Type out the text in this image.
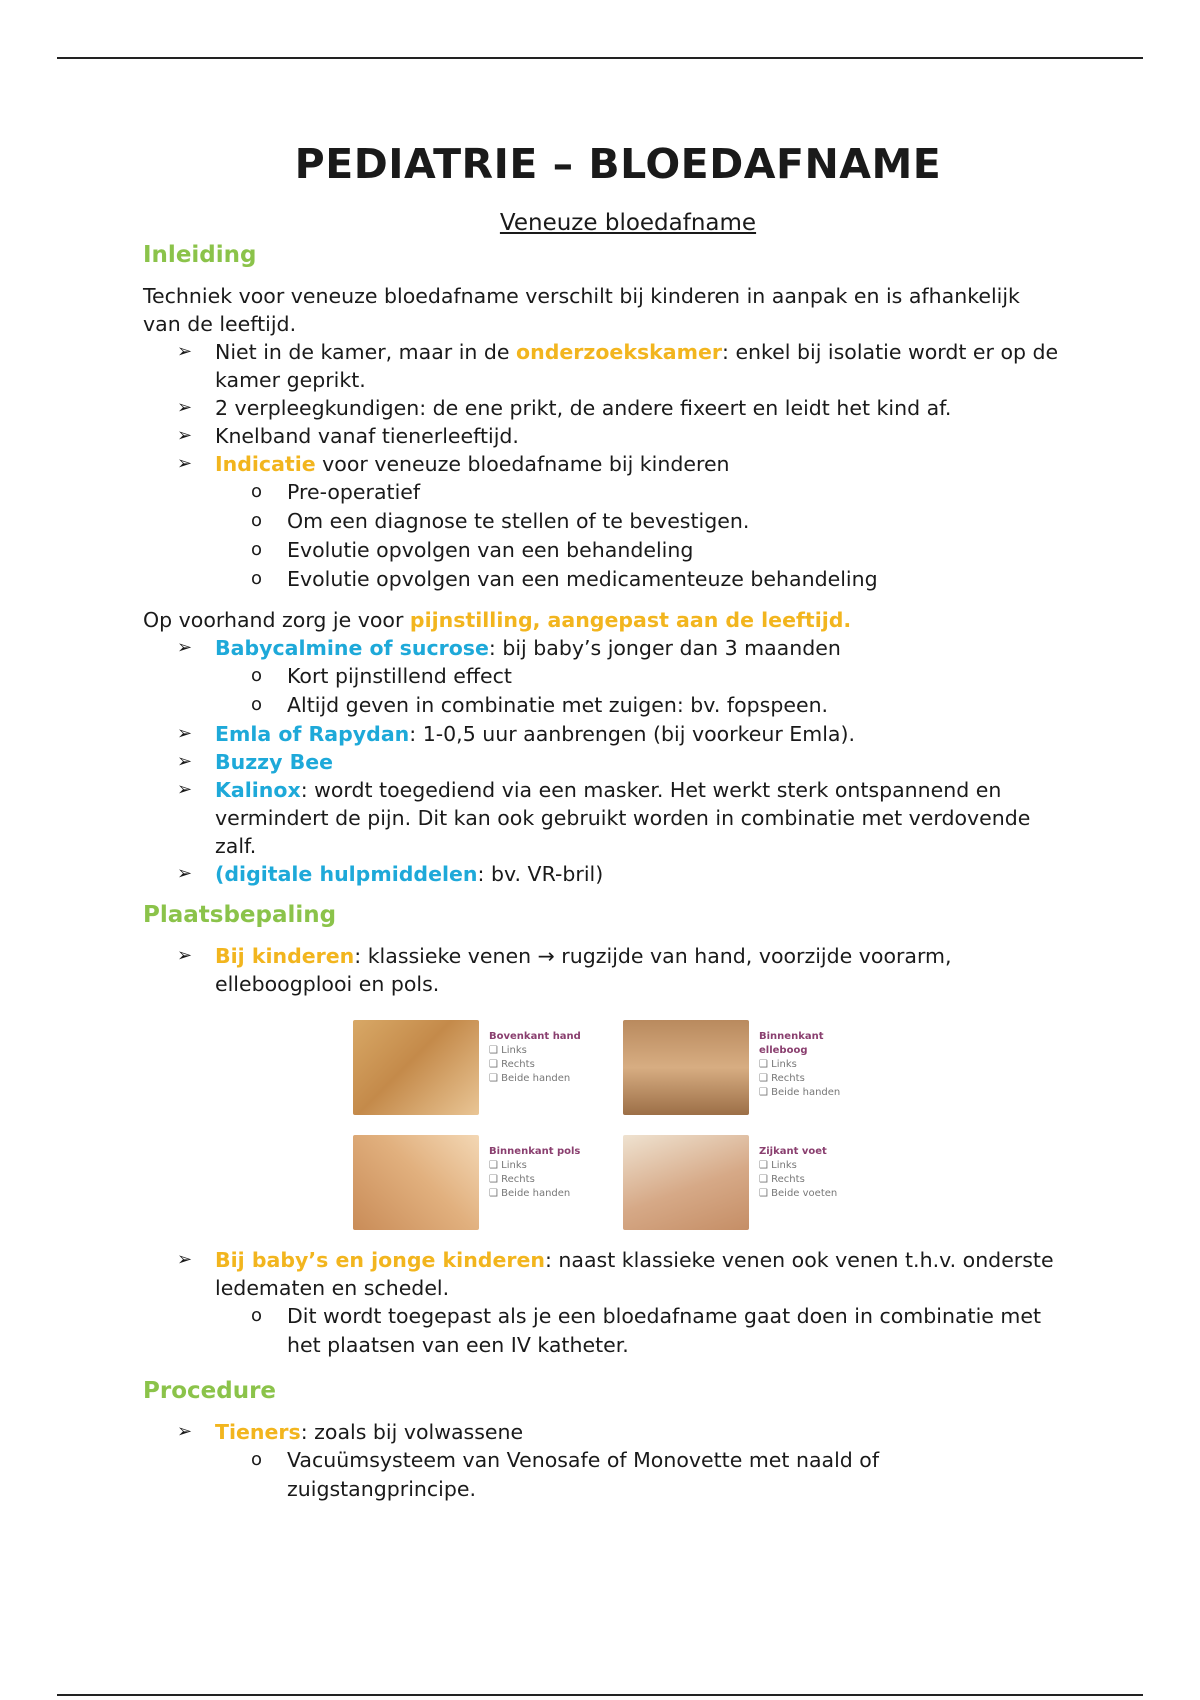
PEDIATRIE – BLOEDAFNAME
Veneuze bloedafname
Inleiding

Techniek voor veneuze bloedafname verschilt bij kinderen in aanpak en is afhankelijk van de leeftijd.

➢ Niet in de kamer, maar in de onderzoekskamer: enkel bij isolatie wordt er op de kamer geprikt.
➢ 2 verpleegkundigen: de ene prikt, de andere fixeert en leidt het kind af.
➢ Knelband vanaf tienerleeftijd.
➢ Indicatie voor veneuze bloedafname bij kinderen
o Pre-operatief
o Om een diagnose te stellen of te bevestigen.
o Evolutie opvolgen van een behandeling
o Evolutie opvolgen van een medicamenteuze behandeling

Op voorhand zorg je voor pijnstilling, aangepast aan de leeftijd.

➢ Babycalmine of sucrose: bij baby’s jonger dan 3 maanden
o Kort pijnstillend effect
o Altijd geven in combinatie met zuigen: bv. fopspeen.
➢ Emla of Rapydan: 1-0,5 uur aanbrengen (bij voorkeur Emla).
➢ Buzzy Bee
➢ Kalinox: wordt toegediend via een masker. Het werkt sterk ontspannend en vermindert de pijn. Dit kan ook gebruikt worden in combinatie met verdovende zalf.
➢ (digitale hulpmiddelen: bv. VR-bril)
Plaatsbepaling
➢ Bij kinderen: klassieke venen → rugzijde van hand, voorzijde voorarm, elleboogplooi en pols.
Bovenkant hand
❑ Links
❑ Rechts
❑ Beide handen
Binnenkant elleboog
❑ Links
❑ Rechts
❑ Beide handen
Binnenkant pols
❑ Links
❑ Rechts
❑ Beide handen
Zijkant voet
❑ Links
❑ Rechts
❑ Beide voeten
➢ Bij baby’s en jonge kinderen: naast klassieke venen ook venen t.h.v. onderste ledematen en schedel.
o Dit wordt toegepast als je een bloedafname gaat doen in combinatie met het plaatsen van een IV katheter.
Procedure
➢ Tieners: zoals bij volwassene
o Vacuümsysteem van Venosafe of Monovette met naald of zuigstangprincipe.
